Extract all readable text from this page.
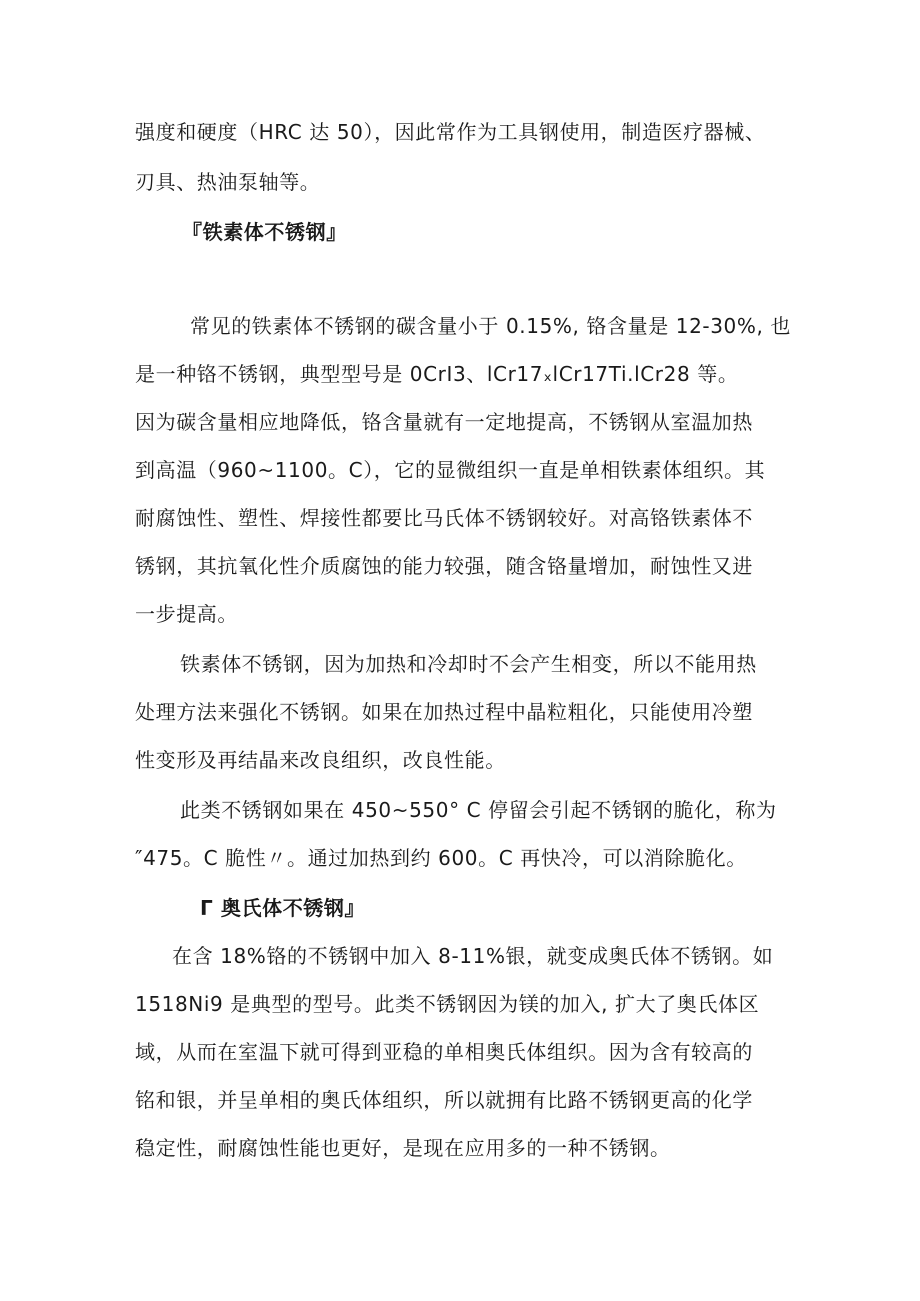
强度和硬度（HRC 达 50），因此常作为工具钢使用，制造医疗器械、
刃具、热油泵轴等。
『铁素体不锈钢』
常见的铁素体不锈钢的碳含量小于 0.15%, 铬含量是 12-30%, 也
是一种铬不锈钢，典型型号是 0CrI3、lCr17ₓlCr17Ti.lCr28 等。
因为碳含量相应地降低，铬含量就有一定地提高，不锈钢从室温加热
到高温（960~1100。C），它的显微组织一直是单相铁素体组织。其
耐腐蚀性、塑性、焊接性都要比马氏体不锈钢较好。对高铬铁素体不
锈钢，其抗氧化性介质腐蚀的能力较强，随含铬量增加，耐蚀性又进
一步提高。
铁素体不锈钢，因为加热和冷却时不会产生相变，所以不能用热
处理方法来强化不锈钢。如果在加热过程中晶粒粗化，只能使用冷塑
性变形及再结晶来改良组织，改良性能。
此类不锈钢如果在 450~550° C 停留会引起不锈钢的脆化，称为
″475。C 脆性〃。通过加热到约 600。C 再快冷，可以消除脆化。
Γ 奥氏体不锈钢』
在含 18%铬的不锈钢中加入 8-11%银，就变成奥氏体不锈钢。如
1518Ni9 是典型的型号。此类不锈钢因为镁的加入, 扩大了奥氏体区
域，从而在室温下就可得到亚稳的单相奥氏体组织。因为含有较高的
铭和银，并呈单相的奥氏体组织，所以就拥有比路不锈钢更高的化学
稳定性，耐腐蚀性能也更好，是现在应用多的一种不锈钢。
